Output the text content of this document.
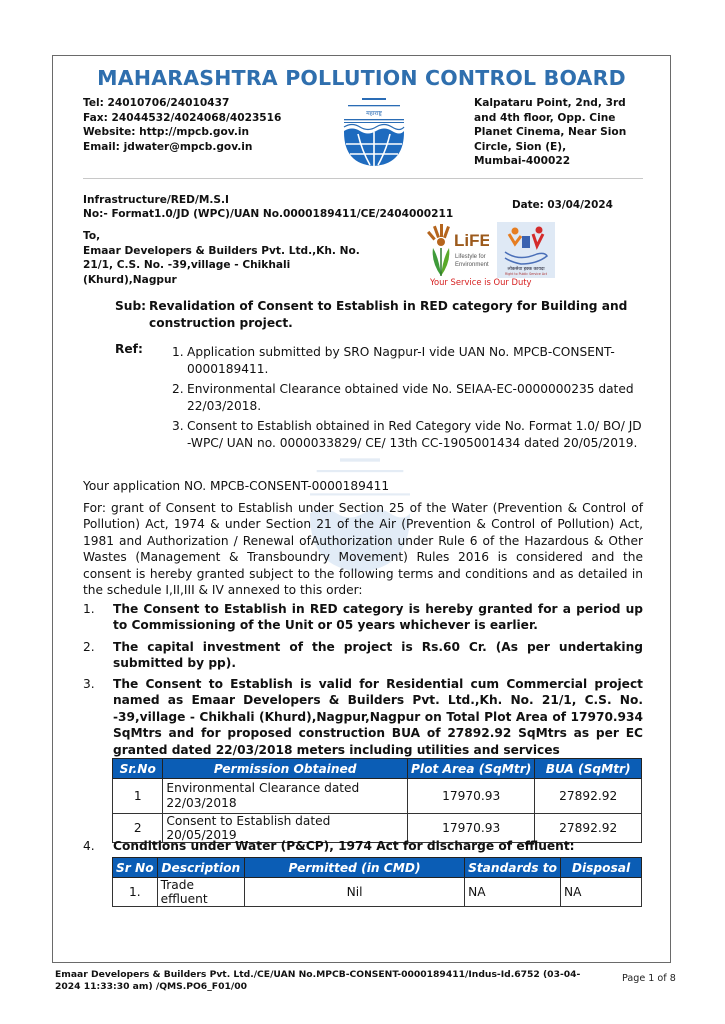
MAHARASHTRA POLLUTION CONTROL BOARD
Tel: 24010706/24010437
Fax: 24044532/4024068/4023516
Website: http://mpcb.gov.in
Email: jdwater@mpcb.gov.in
महाराष्ट्र
Kalpataru Point, 2nd, 3rd
and 4th floor, Opp. Cine
Planet Cinema, Near Sion
Circle, Sion (E),
Mumbai-400022
Infrastructure/RED/M.S.I
No:- Format1.0/JD (WPC)/UAN No.0000189411/CE/2404000211
Date: 03/04/2024
To,
Emaar Developers & Builders Pvt. Ltd.,Kh. No. 21/1, C.S. No. -39,village - Chikhali (Khurd),Nagpur
LiFE
Lifestyle for
Environment
लोकसेवा हक्क कायदा
Right to Public Service Act
Your Service is Our Duty
Sub: Revalidation of Consent to Establish in RED category for Building and
construction project.
Ref: 1. Application submitted by SRO Nagpur-I vide UAN No. MPCB-CONSENT-0000189411.
2. Environmental Clearance obtained vide No. SEIAA-EC-0000000235 dated 22/03/2018.
3. Consent to Establish obtained in Red Category vide No. Format 1.0/ BO/ JD -WPC/ UAN no. 0000033829/ CE/ 13th CC-1905001434 dated 20/05/2019.
Your application NO. MPCB-CONSENT-0000189411
For: grant of Consent to Establish under Section 25 of the Water (Prevention & Control of Pollution) Act, 1974 & under Section 21 of the Air (Prevention & Control of Pollution) Act, 1981 and Authorization / Renewal ofAuthorization under Rule 6 of the Hazardous & Other Wastes (Management & Transboundry Movement) Rules 2016 is considered and the consent is hereby granted subject to the following terms and conditions and as detailed in the schedule I,II,III & IV annexed to this order:
1.	The Consent to Establish in RED category is hereby granted for a period up to Commissioning of the Unit or 05 years whichever is earlier.
2.	The capital investment of the project is Rs.60 Cr. (As per undertaking submitted by pp).
3.	The Consent to Establish is valid for Residential cum Commercial project named as Emaar Developers & Builders Pvt. Ltd.,Kh. No. 21/1, C.S. No. -39,village - Chikhali (Khurd),Nagpur,Nagpur on Total Plot Area of 17970.934 SqMtrs and for proposed construction BUA of 27892.92 SqMtrs as per EC granted dated 22/03/2018 meters including utilities and services
Sr.No	Permission Obtained	Plot Area (SqMtr)	BUA (SqMtr)
1	Environmental Clearance dated 22/03/2018	17970.93	27892.92
2	Consent to Establish dated 20/05/2019	17970.93	27892.92
4.	Conditions under Water (P&CP), 1974 Act for discharge of effluent:
Sr No	Description	Permitted (in CMD)	Standards to	Disposal
1.	Trade effluent	Nil	NA	NA
Emaar Developers & Builders Pvt. Ltd./CE/UAN No.MPCB-CONSENT-0000189411/Indus-Id.6752 (03-04-2024 11:33:30 am) /QMS.PO6_F01/00
Page 1 of 8
